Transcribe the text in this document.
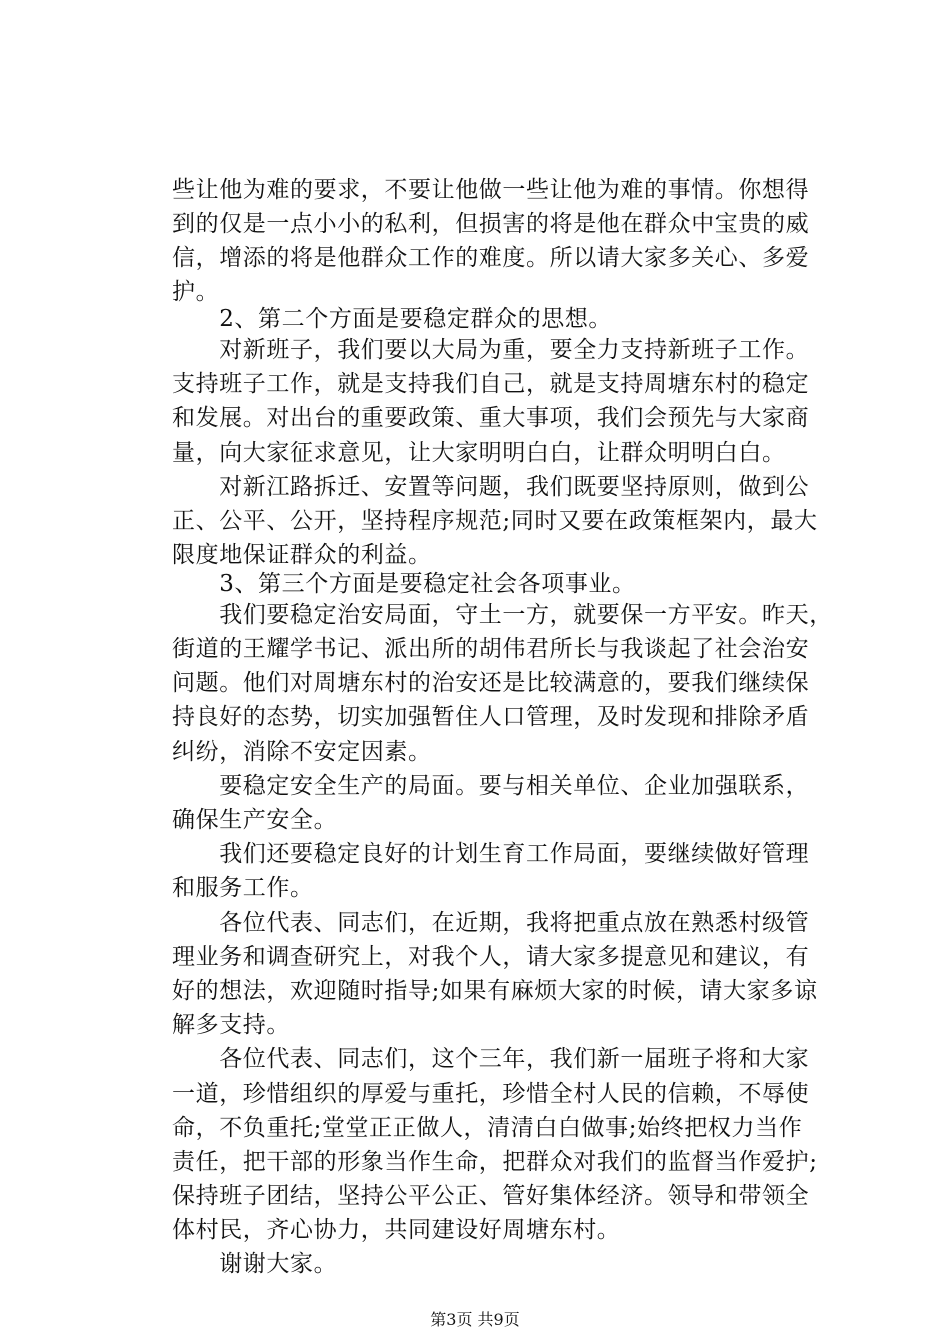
些让他为难的要求，不要让他做一些让他为难的事情。你想得
到的仅是一点小小的私利，但损害的将是他在群众中宝贵的威
信，增添的将是他群众工作的难度。所以请大家多关心、多爱
护。
　　2、第二个方面是要稳定群众的思想。
　　对新班子，我们要以大局为重，要全力支持新班子工作。
支持班子工作，就是支持我们自己，就是支持周塘东村的稳定
和发展。对出台的重要政策、重大事项，我们会预先与大家商
量，向大家征求意见，让大家明明白白，让群众明明白白。
　　对新江路拆迁、安置等问题，我们既要坚持原则，做到公
正、公平、公开，坚持程序规范;同时又要在政策框架内，最大
限度地保证群众的利益。
　　3、第三个方面是要稳定社会各项事业。
　　我们要稳定治安局面，守土一方，就要保一方平安。昨天，
街道的王耀学书记、派出所的胡伟君所长与我谈起了社会治安
问题。他们对周塘东村的治安还是比较满意的，要我们继续保
持良好的态势，切实加强暂住人口管理，及时发现和排除矛盾
纠纷，消除不安定因素。
　　要稳定安全生产的局面。要与相关单位、企业加强联系，
确保生产安全。
　　我们还要稳定良好的计划生育工作局面，要继续做好管理
和服务工作。
　　各位代表、同志们，在近期，我将把重点放在熟悉村级管
理业务和调查研究上，对我个人，请大家多提意见和建议，有
好的想法，欢迎随时指导;如果有麻烦大家的时候，请大家多谅
解多支持。
　　各位代表、同志们，这个三年，我们新一届班子将和大家
一道，珍惜组织的厚爱与重托，珍惜全村人民的信赖，不辱使
命，不负重托;堂堂正正做人，清清白白做事;始终把权力当作
责任，把干部的形象当作生命，把群众对我们的监督当作爱护;
保持班子团结，坚持公平公正、管好集体经济。领导和带领全
体村民，齐心协力，共同建设好周塘东村。
　　谢谢大家。
第3页 共9页
